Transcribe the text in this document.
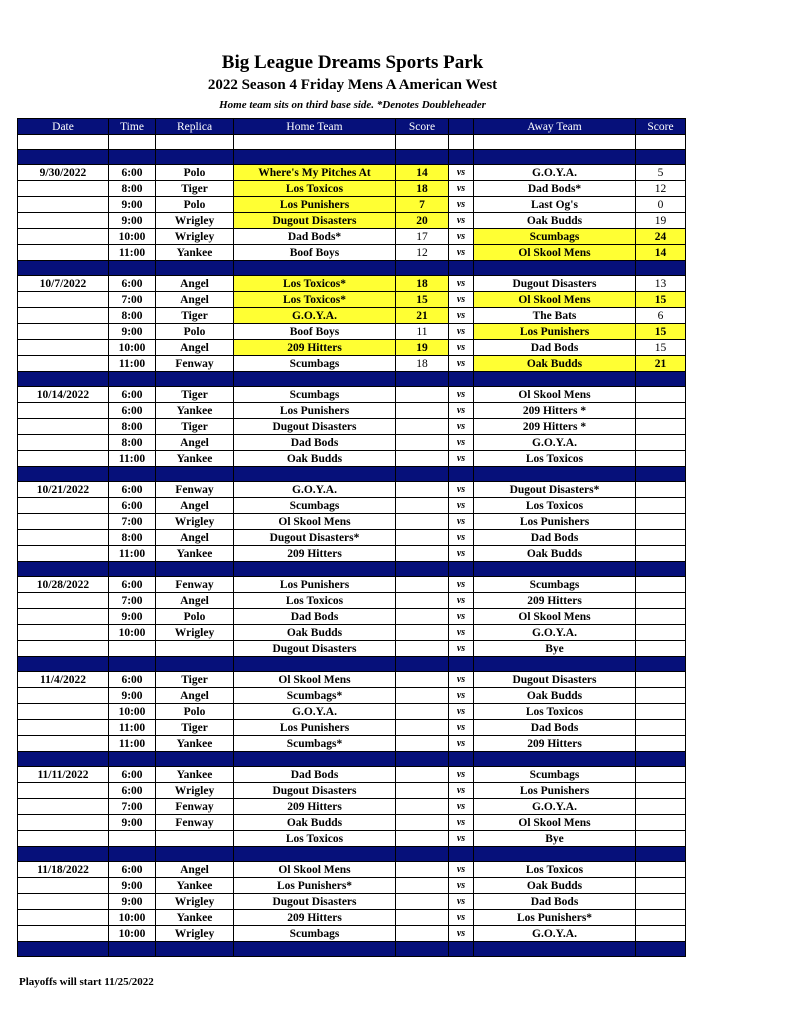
Big League Dreams Sports Park
2022 Season 4 Friday Mens A American West
Home team sits on third base side. *Denotes Doubleheader
Date	Time	Replica	Home Team	Score		Away Team	Score

9/30/2022	6:00	Polo	Where's My Pitches At	14	vs	G.O.Y.A.	5
	8:00	Tiger	Los Toxicos	18	vs	Dad Bods*	12
	9:00	Polo	Los Punishers	7	vs	Last Og's	0
	9:00	Wrigley	Dugout Disasters	20	vs	Oak Budds	19
	10:00	Wrigley	Dad Bods*	17	vs	Scumbags	24
	11:00	Yankee	Boof Boys	12	vs	Ol Skool Mens	14

10/7/2022	6:00	Angel	Los Toxicos*	18	vs	Dugout Disasters	13
	7:00	Angel	Los Toxicos*	15	vs	Ol Skool Mens	15
	8:00	Tiger	G.O.Y.A.	21	vs	The Bats	6
	9:00	Polo	Boof Boys	11	vs	Los Punishers	15
	10:00	Angel	209 Hitters	19	vs	Dad Bods	15
	11:00	Fenway	Scumbags	18	vs	Oak Budds	21

10/14/2022	6:00	Tiger	Scumbags		vs	Ol Skool Mens	
	6:00	Yankee	Los Punishers		vs	209 Hitters *	
	8:00	Tiger	Dugout Disasters		vs	209 Hitters *	
	8:00	Angel	Dad Bods		vs	G.O.Y.A.	
	11:00	Yankee	Oak Budds		vs	Los Toxicos	

10/21/2022	6:00	Fenway	G.O.Y.A.		vs	Dugout Disasters*	
	6:00	Angel	Scumbags		vs	Los Toxicos	
	7:00	Wrigley	Ol Skool Mens		vs	Los Punishers	
	8:00	Angel	Dugout Disasters*		vs	Dad Bods	
	11:00	Yankee	209 Hitters		vs	Oak Budds	

10/28/2022	6:00	Fenway	Los Punishers		vs	Scumbags	
	7:00	Angel	Los Toxicos		vs	209 Hitters	
	9:00	Polo	Dad Bods		vs	Ol Skool Mens	
	10:00	Wrigley	Oak Budds		vs	G.O.Y.A.	
			Dugout Disasters		vs	Bye	

11/4/2022	6:00	Tiger	Ol Skool Mens		vs	Dugout Disasters	
	9:00	Angel	Scumbags*		vs	Oak Budds	
	10:00	Polo	G.O.Y.A.		vs	Los Toxicos	
	11:00	Tiger	Los Punishers		vs	Dad Bods	
	11:00	Yankee	Scumbags*		vs	209 Hitters	

11/11/2022	6:00	Yankee	Dad Bods		vs	Scumbags	
	6:00	Wrigley	Dugout Disasters		vs	Los Punishers	
	7:00	Fenway	209 Hitters		vs	G.O.Y.A.	
	9:00	Fenway	Oak Budds		vs	Ol Skool Mens	
			Los Toxicos		vs	Bye	

11/18/2022	6:00	Angel	Ol Skool Mens		vs	Los Toxicos	
	9:00	Yankee	Los Punishers*		vs	Oak Budds	
	9:00	Wrigley	Dugout Disasters		vs	Dad Bods	
	10:00	Yankee	209 Hitters		vs	Los Punishers*	
	10:00	Wrigley	Scumbags		vs	G.O.Y.A.	

Playoffs will start 11/25/2022
